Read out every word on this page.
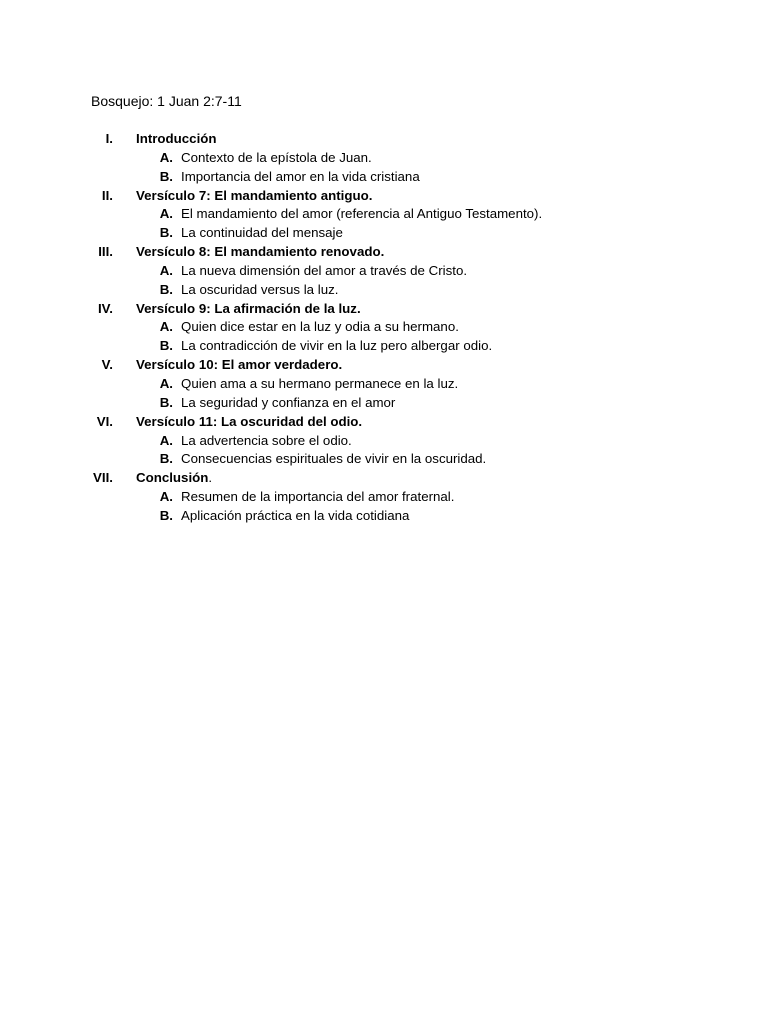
Bosquejo: 1 Juan 2:7-11
I. Introducción
A. Contexto de la epístola de Juan.
B. Importancia del amor en la vida cristiana
II. Versículo 7: El mandamiento antiguo.
A. El mandamiento del amor (referencia al Antiguo Testamento).
B. La continuidad del mensaje
III. Versículo 8: El mandamiento renovado.
A. La nueva dimensión del amor a través de Cristo.
B. La oscuridad versus la luz.
IV. Versículo 9: La afirmación de la luz.
A. Quien dice estar en la luz y odia a su hermano.
B. La contradicción de vivir en la luz pero albergar odio.
V. Versículo 10: El amor verdadero.
A. Quien ama a su hermano permanece en la luz.
B. La seguridad y confianza en el amor
VI. Versículo 11: La oscuridad del odio.
A. La advertencia sobre el odio.
B. Consecuencias espirituales de vivir en la oscuridad.
VII. Conclusión.
A. Resumen de la importancia del amor fraternal.
B. Aplicación práctica en la vida cotidiana
